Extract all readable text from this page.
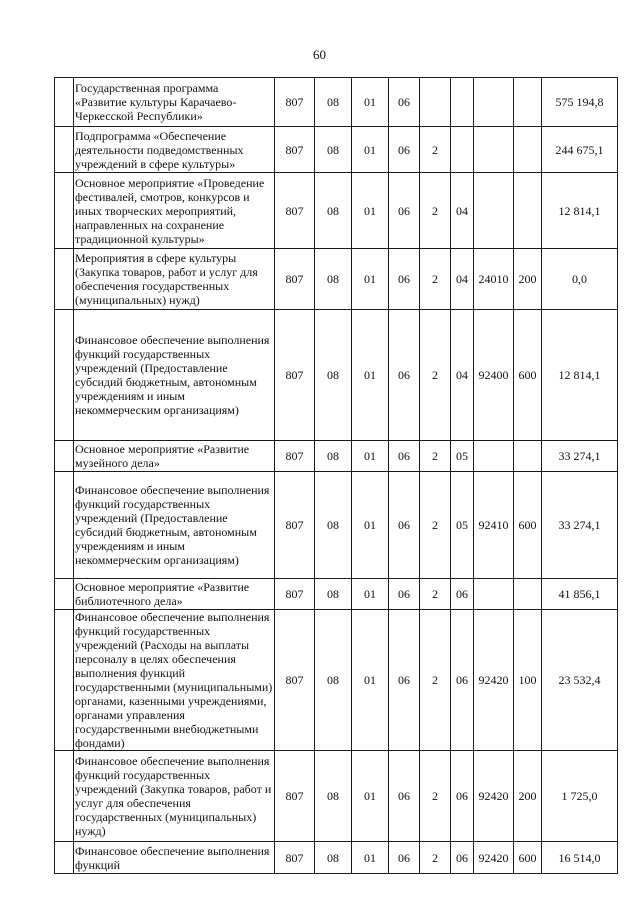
60
	Государственная программа «Развитие культуры Карачаево-Черкесской Республики»	807	08	01	06					575 194,8
	Подпрограмма «Обеспечение деятельности подведомственных учреждений в сфере культуры»	807	08	01	06	2				244 675,1
	Основное мероприятие «Проведение фестивалей, смотров, конкурсов и иных творческих мероприятий, направленных на сохранение традиционной культуры»	807	08	01	06	2	04			12 814,1
	Мероприятия в сфере культуры (Закупка товаров, работ и услуг для обеспечения государственных (муниципальных) нужд)	807	08	01	06	2	04	24010	200	0,0
	Финансовое обеспечение выполнения функций государственных учреждений (Предоставление субсидий бюджетным, автономным учреждениям и иным некоммерческим организациям)	807	08	01	06	2	04	92400	600	12 814,1
	Основное мероприятие «Развитие музейного дела»	807	08	01	06	2	05			33 274,1
	Финансовое обеспечение выполнения функций государственных учреждений (Предоставление субсидий бюджетным, автономным учреждениям и иным некоммерческим организациям)	807	08	01	06	2	05	92410	600	33 274,1
	Основное мероприятие «Развитие библиотечного дела»	807	08	01	06	2	06			41 856,1
	Финансовое обеспечение выполнения функций государственных учреждений (Расходы на выплаты персоналу в целях обеспечения выполнения функций государственными (муниципальными) органами, казенными учреждениями, органами управления государственными внебюджетными фондами)	807	08	01	06	2	06	92420	100	23 532,4
	Финансовое обеспечение выполнения функций государственных учреждений (Закупка товаров, работ и услуг для обеспечения государственных (муниципальных) нужд)	807	08	01	06	2	06	92420	200	1 725,0
	Финансовое обеспечение выполнения функций	807	08	01	06	2	06	92420	600	16 514,0
